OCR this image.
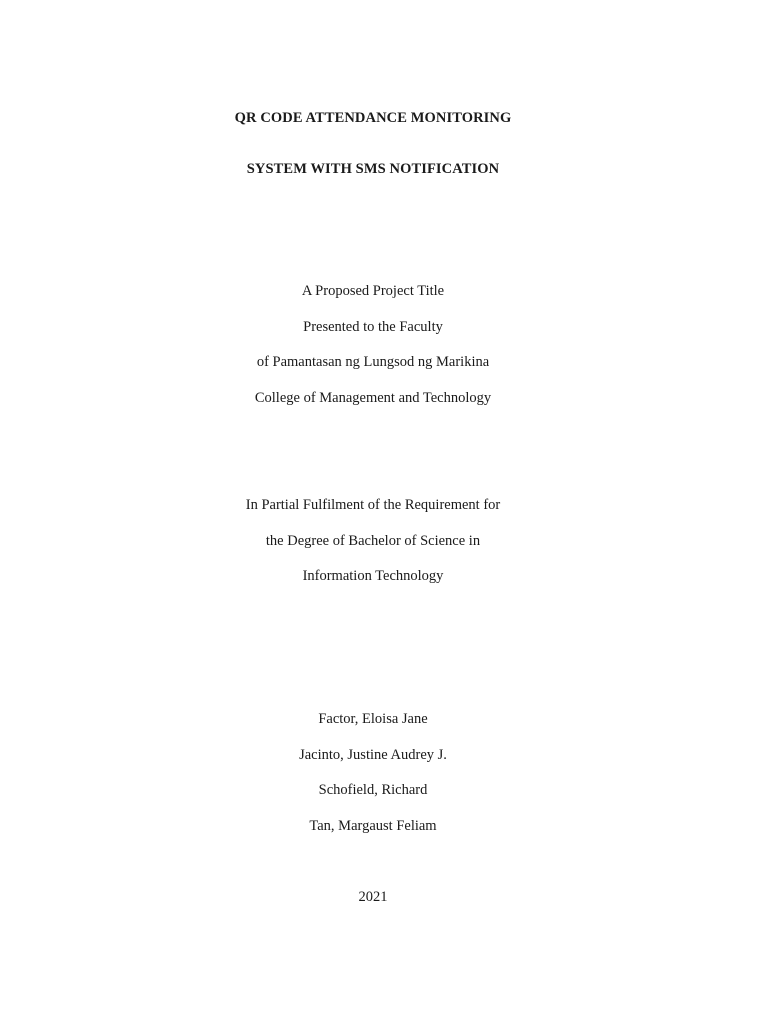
QR CODE ATTENDANCE MONITORING
SYSTEM WITH SMS NOTIFICATION
A Proposed Project Title
Presented to the Faculty
of Pamantasan ng Lungsod ng Marikina
College of Management and Technology
In Partial Fulfilment of the Requirement for
the Degree of Bachelor of Science in
Information Technology
Factor, Eloisa Jane
Jacinto, Justine Audrey J.
Schofield, Richard
Tan, Margaust Feliam
2021
